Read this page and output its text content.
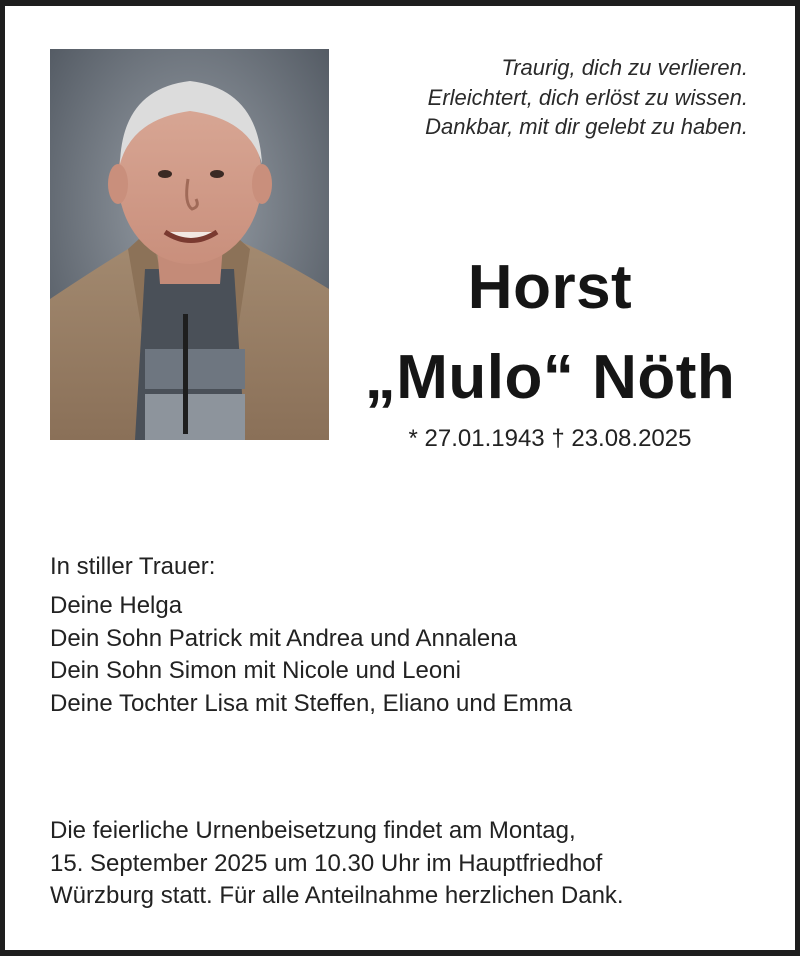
Traurig, dich zu verlieren.
Erleichtert, dich erlöst zu wissen.
Dankbar, mit dir gelebt zu haben.
Horst
„Mulo“ Nöth
* 27.01.1943 † 23.08.2025
In stiller Trauer:
Deine Helga
Dein Sohn Patrick mit Andrea und Annalena
Dein Sohn Simon mit Nicole und Leoni
Deine Tochter Lisa mit Steffen, Eliano und Emma
Die feierliche Urnenbeisetzung findet am Montag,
15. September 2025 um 10.30 Uhr im Hauptfriedhof
Würzburg statt. Für alle Anteilnahme herzlichen Dank.
